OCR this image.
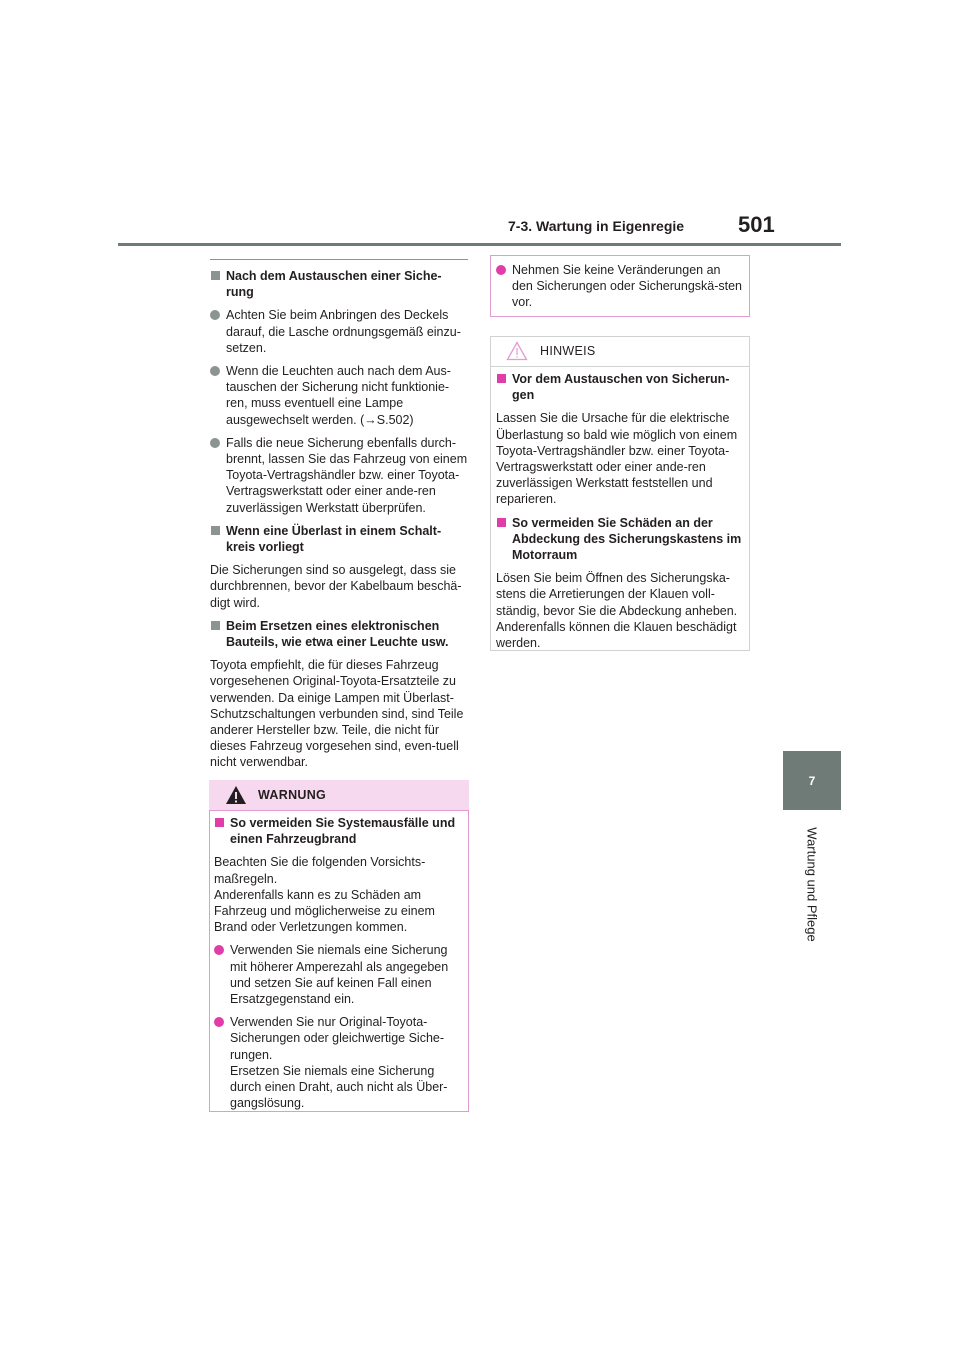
7-3. Wartung in Eigenregie 501
7
Wartung und Pflege

Nach dem Austauschen einer Siche-rung

Achten Sie beim Anbringen des Deckels darauf, die Lasche ordnungsgemäß einzu-setzen.

Wenn die Leuchten auch nach dem Aus-tauschen der Sicherung nicht funktionie-ren, muss eventuell eine Lampe ausgewechselt werden. (→S.502)

Falls die neue Sicherung ebenfalls durch-brennt, lassen Sie das Fahrzeug von einem Toyota-Vertragshändler bzw. einer Toyota-Vertragswerkstatt oder einer ande-ren zuverlässigen Werkstatt überprüfen.

Wenn eine Überlast in einem Schalt-kreis vorliegt

Die Sicherungen sind so ausgelegt, dass sie durchbrennen, bevor der Kabelbaum beschä-digt wird.

Beim Ersetzen eines elektronischen Bauteils, wie etwa einer Leuchte usw.

Toyota empfiehlt, die für dieses Fahrzeug vorgesehenen Original-Toyota-Ersatzteile zu verwenden. Da einige Lampen mit Überlast-Schutzschaltungen verbunden sind, sind Teile anderer Hersteller bzw. Teile, die nicht für dieses Fahrzeug vorgesehen sind, even-tuell nicht verwendbar.

WARNUNG

So vermeiden Sie Systemausfälle und einen Fahrzeugbrand

Beachten Sie die folgenden Vorsichts-maßregeln.

Anderenfalls kann es zu Schäden am Fahrzeug und möglicherweise zu einem Brand oder Verletzungen kommen.

Verwenden Sie niemals eine Sicherung mit höherer Amperezahl als angegeben und setzen Sie auf keinen Fall einen Ersatzgegenstand ein.

Verwenden Sie nur Original-Toyota-Sicherungen oder gleichwertige Siche-rungen.

Ersetzen Sie niemals eine Sicherung durch einen Draht, auch nicht als Über-gangslösung.

Nehmen Sie keine Veränderungen an den Sicherungen oder Sicherungskä-sten vor.

HINWEIS

Vor dem Austauschen von Sicherun-gen

Lassen Sie die Ursache für die elektrische Überlastung so bald wie möglich von einem Toyota-Vertragshändler bzw. einer Toyota-Vertragswerkstatt oder einer ande-ren zuverlässigen Werkstatt feststellen und reparieren.

So vermeiden Sie Schäden an der Abdeckung des Sicherungskastens im Motorraum

Lösen Sie beim Öffnen des Sicherungska-stens die Arretierungen der Klauen voll-ständig, bevor Sie die Abdeckung anheben. Anderenfalls können die Klauen beschädigt werden.
